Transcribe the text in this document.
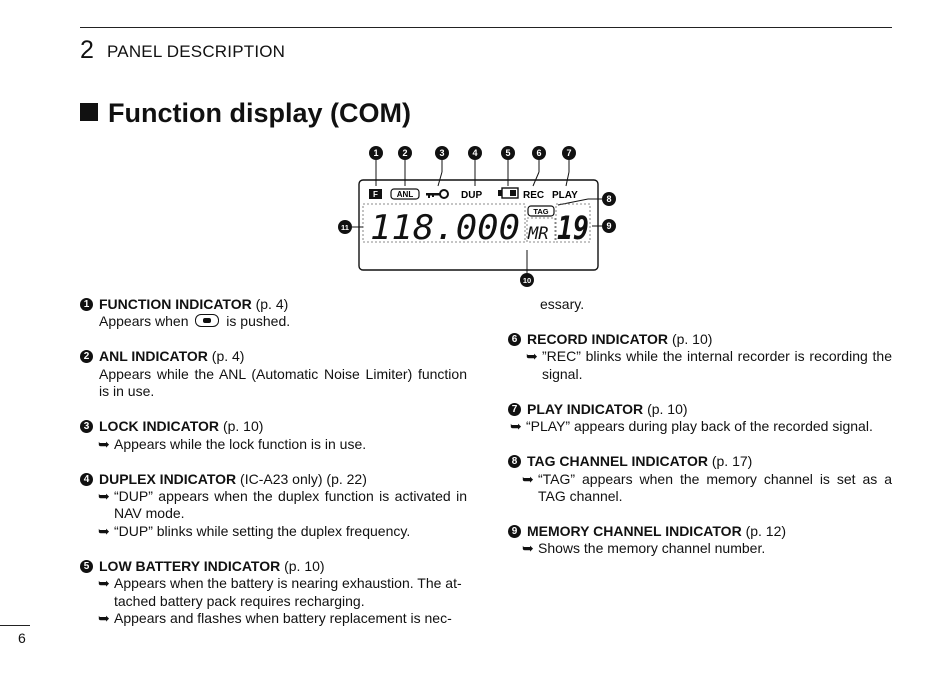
2 PANEL DESCRIPTION
Function display (COM)
1	2	3	4	5	6	7
8
9
10
11
F ANL	DUP	REC PLAY
118.000 TAG
MR 19
1 FUNCTION INDICATOR (p. 4)
Appears when	is pushed.
2 ANL INDICATOR (p. 4)
Appears while the ANL (Automatic Noise Limiter) function is in use.
3 LOCK INDICATOR (p. 10)
➥ Appears while the lock function is in use.
4 DUPLEX INDICATOR (IC-A23 only) (p. 22)
➥ “DUP” appears when the duplex function is activated in NAV mode.
➥ “DUP” blinks while setting the duplex frequency.
5 LOW BATTERY INDICATOR (p. 10)
➥ Appears when the battery is nearing exhaustion. The at-
tached battery pack requires recharging.
➥ Appears and flashes when battery replacement is nec-
essary.
6 RECORD INDICATOR (p. 10)
➥ ”REC” blinks while the internal recorder is recording the signal.
7 PLAY INDICATOR (p. 10)
➥ “PLAY” appears during play back of the recorded signal.
8 TAG CHANNEL INDICATOR (p. 17)
➥ “TAG” appears when the memory channel is set as a TAG channel.
9 MEMORY CHANNEL INDICATOR (p. 12)
➥ Shows the memory channel number.
6
